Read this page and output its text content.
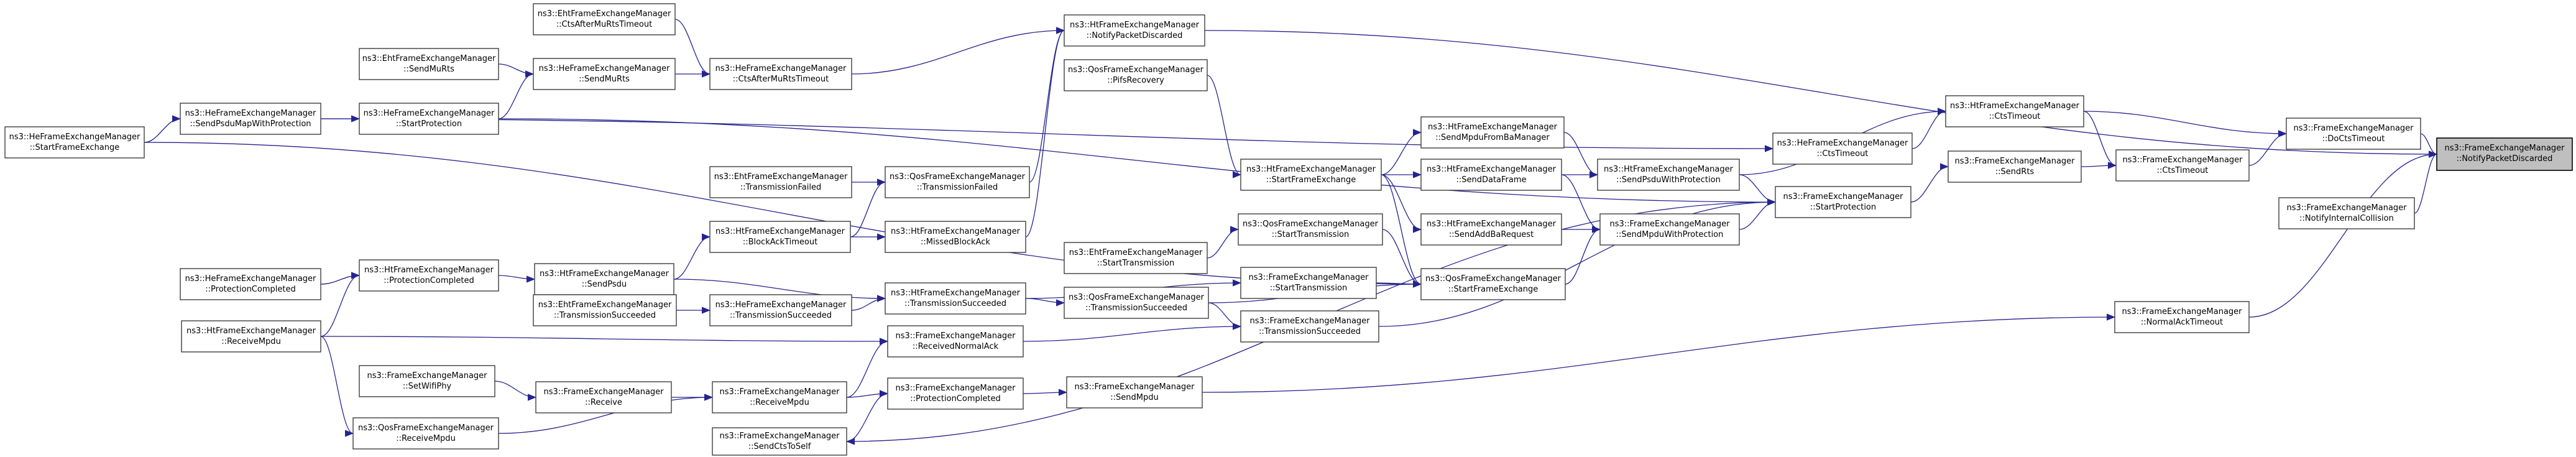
ns3::HeFrameExchangeManager
::StartFrameExchange
ns3::HeFrameExchangeManager
::SendPsduMapWithProtection
ns3::HeFrameExchangeManager
::StartProtection
ns3::EhtFrameExchangeManager
::SendMuRts
ns3::EhtFrameExchangeManager
::CtsAfterMuRtsTimeout
ns3::HeFrameExchangeManager
::SendMuRts
ns3::HeFrameExchangeManager
::CtsAfterMuRtsTimeout
ns3::HtFrameExchangeManager
::NotifyPacketDiscarded
ns3::QosFrameExchangeManager
::PifsRecovery
ns3::EhtFrameExchangeManager
::TransmissionFailed
ns3::QosFrameExchangeManager
::TransmissionFailed
ns3::HtFrameExchangeManager
::BlockAckTimeout
ns3::HtFrameExchangeManager
::MissedBlockAck
ns3::HtFrameExchangeManager
::SendPsdu
ns3::HeFrameExchangeManager
::ProtectionCompleted
ns3::HtFrameExchangeManager
::ReceiveMpdu
ns3::HtFrameExchangeManager
::ProtectionCompleted
ns3::EhtFrameExchangeManager
::TransmissionSucceeded
ns3::HeFrameExchangeManager
::TransmissionSucceeded
ns3::HtFrameExchangeManager
::TransmissionSucceeded
ns3::QosFrameExchangeManager
::TransmissionSucceeded
ns3::FrameExchangeManager
::ReceivedNormalAck
ns3::FrameExchangeManager
::ProtectionCompleted
ns3::FrameExchangeManager
::SendMpdu
ns3::FrameExchangeManager
::Receive
ns3::FrameExchangeManager
::ReceiveMpdu
ns3::FrameExchangeManager
::SendCtsToSelf
ns3::FrameExchangeManager
::SetWifiPhy
ns3::QosFrameExchangeManager
::ReceiveMpdu
ns3::HtFrameExchangeManager
::StartFrameExchange
ns3::QosFrameExchangeManager
::StartTransmission
ns3::EhtFrameExchangeManager
::StartTransmission
ns3::FrameExchangeManager
::StartTransmission
ns3::FrameExchangeManager
::TransmissionSucceeded
ns3::HtFrameExchangeManager
::SendMpduFromBaManager
ns3::HtFrameExchangeManager
::SendDataFrame
ns3::HtFrameExchangeManager
::SendAddBaRequest
ns3::QosFrameExchangeManager
::StartFrameExchange
ns3::HtFrameExchangeManager
::SendPsduWithProtection
ns3::FrameExchangeManager
::SendMpduWithProtection
ns3::FrameExchangeManager
::StartProtection
ns3::HeFrameExchangeManager
::CtsTimeout
ns3::HtFrameExchangeManager
::CtsTimeout
ns3::FrameExchangeManager
::SendRts
ns3::FrameExchangeManager
::CtsTimeout
ns3::FrameExchangeManager
::NormalAckTimeout
ns3::FrameExchangeManager
::DoCtsTimeout
ns3::FrameExchangeManager
::NotifyInternalCollision
ns3::FrameExchangeManager
::NotifyPacketDiscarded
